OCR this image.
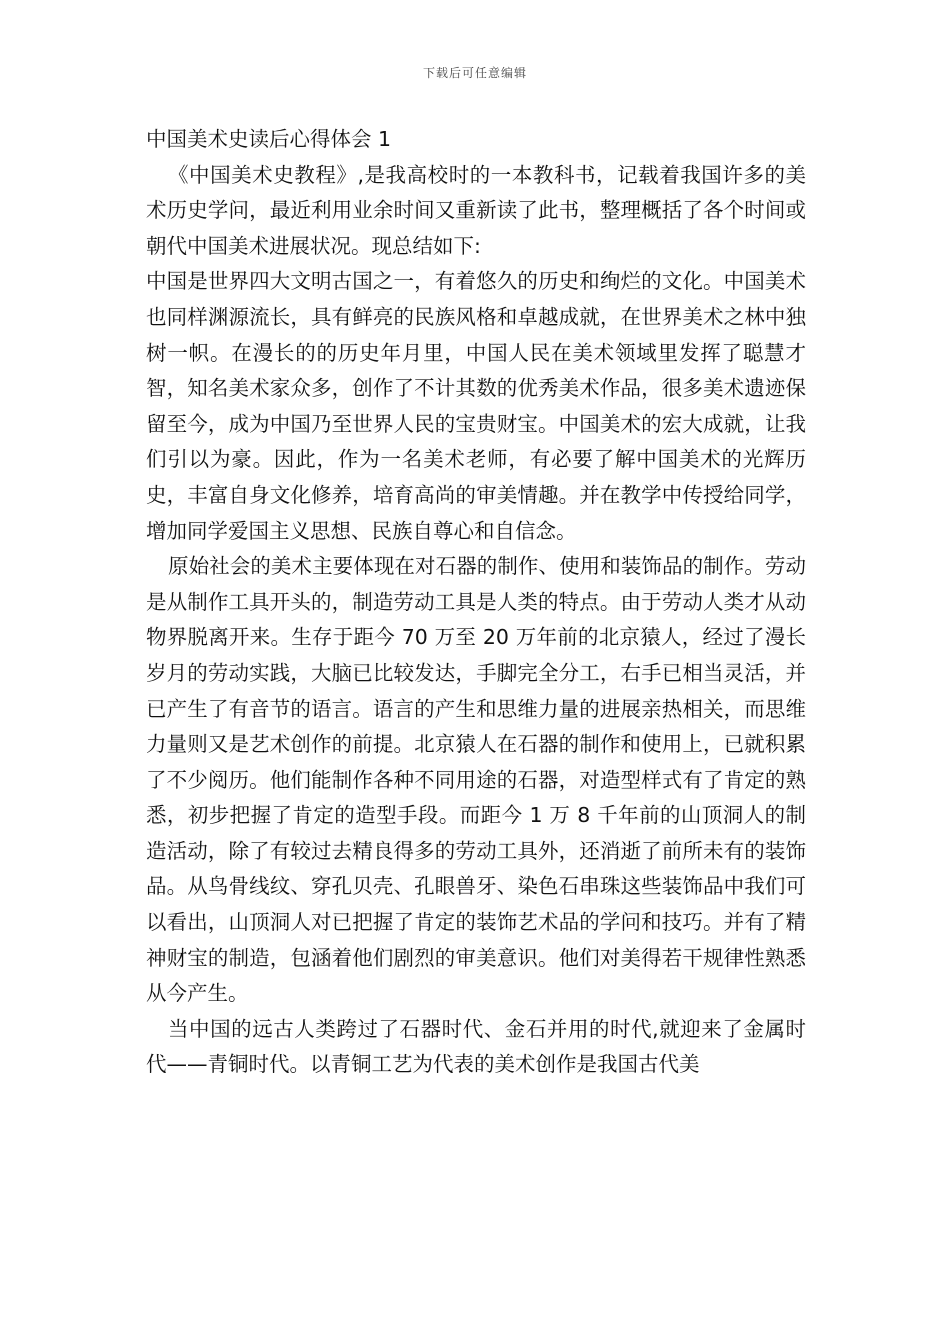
下载后可任意编辑
中国美术史读后心得体会 1

《中国美术史教程》,是我高校时的一本教科书，记载着我国许多的美术历史学问，最近利用业余时间又重新读了此书，整理概括了各个时间或朝代中国美术进展状况。现总结如下:

中国是世界四大文明古国之一，有着悠久的历史和绚烂的文化。中国美术也同样渊源流长，具有鲜亮的民族风格和卓越成就，在世界美术之林中独树一帜。在漫长的的历史年月里，中国人民在美术领域里发挥了聪慧才智，知名美术家众多，创作了不计其数的优秀美术作品，很多美术遗迹保留至今，成为中国乃至世界人民的宝贵财宝。中国美术的宏大成就，让我们引以为豪。因此，作为一名美术老师，有必要了解中国美术的光辉历史，丰富自身文化修养，培育高尚的审美情趣。并在教学中传授给同学，增加同学爱国主义思想、民族自尊心和自信念。

原始社会的美术主要体现在对石器的制作、使用和装饰品的制作。劳动是从制作工具开头的，制造劳动工具是人类的特点。由于劳动人类才从动物界脱离开来。生存于距今 70 万至 20 万年前的北京猿人，经过了漫长岁月的劳动实践，大脑已比较发达，手脚完全分工，右手已相当灵活，并已产生了有音节的语言。语言的产生和思维力量的进展亲热相关，而思维力量则又是艺术创作的前提。北京猿人在石器的制作和使用上，已就积累了不少阅历。他们能制作各种不同用途的石器，对造型样式有了肯定的熟悉，初步把握了肯定的造型手段。而距今 1 万 8 千年前的山顶洞人的制造活动，除了有较过去精良得多的劳动工具外，还消逝了前所未有的装饰品。从鸟骨线纹、穿孔贝壳、孔眼兽牙、染色石串珠这些装饰品中我们可以看出，山顶洞人对已把握了肯定的装饰艺术品的学问和技巧。并有了精神财宝的制造，包涵着他们剧烈的审美意识。他们对美得若干规律性熟悉从今产生。

当中国的远古人类跨过了石器时代、金石并用的时代,就迎来了金属时代——青铜时代。以青铜工艺为代表的美术创作是我国古代美
